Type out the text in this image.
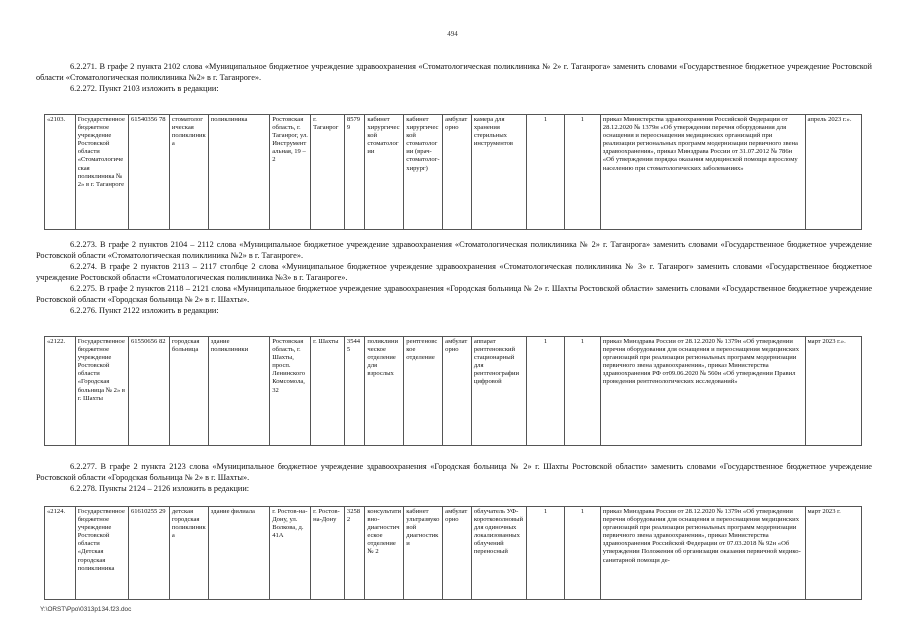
494

6.2.271. В графе 2 пункта 2102 слова «Муниципальное бюджетное учреждение здравоохранения «Стоматологическая поликлиника № 2» г. Таганрога» заменить словами «Государственное бюджетное учреждение Ростовской области «Стоматологическая поликлиника №2» в г. Таганроге».

6.2.272. Пункт 2103 изложить в редакции:

«2103.	Государственное бюджетное учреждение Ростовской области «Стоматологическая поликлиника № 2» в г. Таганроге	61540356 78	стоматологическая поликлиника	поликлиника	Ростовская область, г. Таганрог, ул. Инструментальная, 19 – 2	г. Таганрог	85799	кабинет хирургической стоматологии	кабинет хирургической стоматологии (врач-стоматолог-хирург)	амбулаторно	камера для хранения стерильных инструментов	1	1	приказ Министерства здравоохранения Российской Федерации от 28.12.2020 № 1379н «Об утверждении перечня оборудования для оснащения и переоснащения медицинских организаций при реализации региональных программ модернизации первичного звена здравоохранения», приказ Минздрава России от 31.07.2012 № 786н «Об утверждении порядка оказания медицинской помощи взрослому населению при стоматологических заболеваниях»	апрель 2023 г.».

6.2.273. В графе 2 пунктов 2104 – 2112 слова «Муниципальное бюджетное учреждение здравоохранения «Стоматологическая поликлиника № 2» г. Таганрога» заменить словами «Государственное бюджетное учреждение Ростовской области «Стоматологическая поликлиника №2» в г. Таганроге».

6.2.274. В графе 2 пунктов 2113 – 2117 столбце 2 слова «Муниципальное бюджетное учреждение здравоохранения «Стоматологическая поликлиника № 3» г. Таганрог» заменить словами «Государственное бюджетное учреждение Ростовской области «Стоматологическая поликлиника №3» в г. Таганроге».

6.2.275. В графе 2 пунктов 2118 – 2121 слова «Муниципальное бюджетное учреждение здравоохранения «Городская больница № 2» г. Шахты Ростовской области» заменить словами «Государственное бюджетное учреждение Ростовской области «Городская больница № 2» в г. Шахты».

6.2.276. Пункт 2122 изложить в редакции:

«2122.	Государственное бюджетное учреждение Ростовской области «Городская больница № 2» в г. Шахты	61550656 82	городская больница	здание поликлиники	Ростовская область, г. Шахты, просп. Ленинского Комсомола, 32	г. Шахты	35445	поликлиническое отделение для взрослых	рентгеновское отделение	амбулаторно	аппарат рентгеновский стационарный для рентгенографии цифровой	1	1	приказ Минздрава России от 28.12.2020 № 1379н «Об утверждении перечня оборудования для оснащения и переоснащения медицинских организаций при реализации региональных программ модернизации первичного звена здравоохранения», приказ Министерства здравоохранения РФ от09.06.2020 № 560н «Об утверждении Правил проведения рентгенологических исследований»	март 2023 г.».

6.2.277. В графе 2 пункта 2123 слова «Муниципальное бюджетное учреждение здравоохранения «Городская больница № 2» г. Шахты Ростовской области» заменить словами «Государственное бюджетное учреждение Ростовской области «Городская больница № 2» в г. Шахты».

6.2.278. Пункты 2124 – 2126 изложить в редакции:

«2124.	Государственное бюджетное учреждение Ростовской области «Детская городская поликлиника	61610255 29	детская городская поликлиника	здание филиала	г. Ростов-на-Дону, ул. Волкова, д. 41А	г. Ростов-на-Дону	32582	консультативно-диагностическое отделение № 2	кабинет ультразвуковой диагностики	амбулаторно	облучатель УФ-коротковолновый для одиночных локализованных облучений переносный	1	1	приказ Минздрава России от 28.12.2020 № 1379н «Об утверждении перечня оборудования для оснащения и переоснащения медицинских организаций при реализации региональных программ модернизации первичного звена здравоохранения», приказ Министерства здравоохранения Российской Федерации от 07.03.2018 № 92н «Об утверждении Положения об организации оказания первичной медико-санитарной помощи де-	март 2023 г.
Y:\ORST\Ppo\0313p134.f23.doc
